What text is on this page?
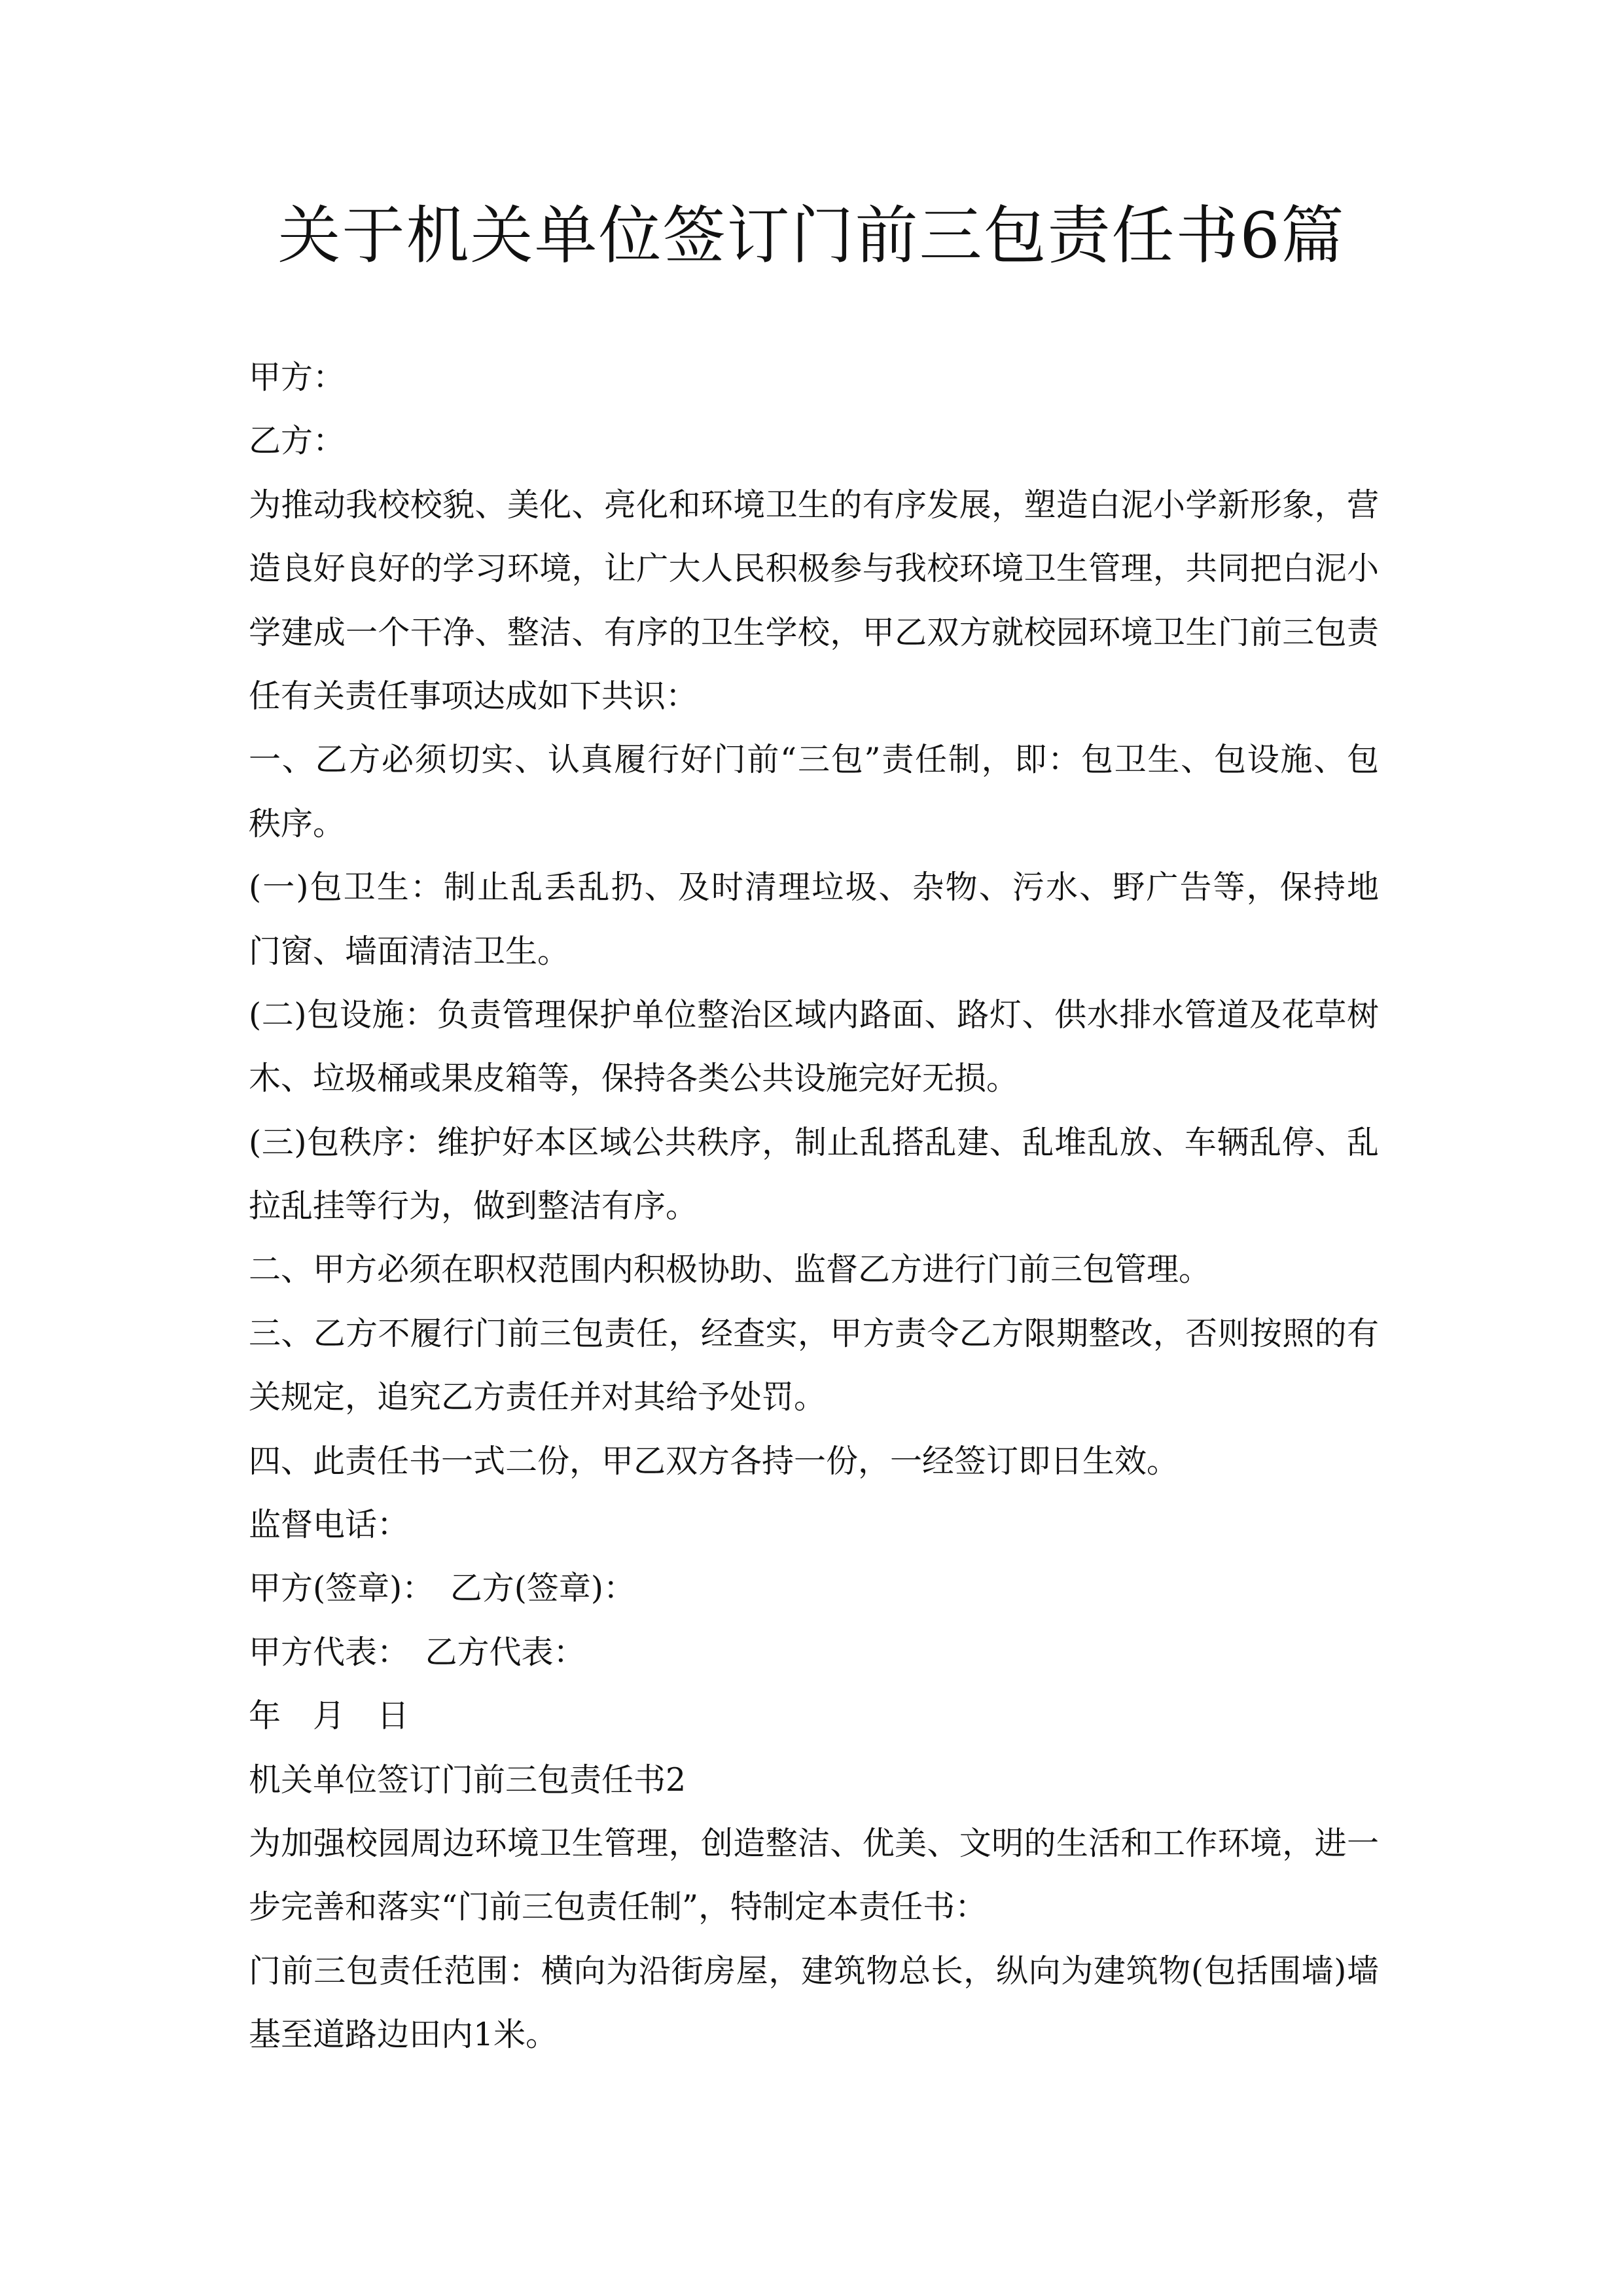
关于机关单位签订门前三包责任书6篇
甲方：
乙方：
为推动我校校貌、美化、亮化和环境卫生的有序发展，塑造白泥小学新形象，营
造良好良好的学习环境，让广大人民积极参与我校环境卫生管理，共同把白泥小
学建成一个干净、整洁、有序的卫生学校，甲乙双方就校园环境卫生门前三包责
任有关责任事项达成如下共识：
一、乙方必须切实、认真履行好门前“三包”责任制，即：包卫生、包设施、包
秩序。
(一)包卫生：制止乱丢乱扔、及时清理垃圾、杂物、污水、野广告等，保持地
门窗、墙面清洁卫生。
(二)包设施：负责管理保护单位整治区域内路面、路灯、供水排水管道及花草树
木、垃圾桶或果皮箱等，保持各类公共设施完好无损。
(三)包秩序：维护好本区域公共秩序，制止乱搭乱建、乱堆乱放、车辆乱停、乱
拉乱挂等行为，做到整洁有序。
二、甲方必须在职权范围内积极协助、监督乙方进行门前三包管理。
三、乙方不履行门前三包责任，经查实，甲方责令乙方限期整改，否则按照的有
关规定，追究乙方责任并对其给予处罚。
四、此责任书一式二份，甲乙双方各持一份，一经签订即日生效。
监督电话：
甲方(签章)：　乙方(签章)：
甲方代表：　乙方代表：
年　月　日
机关单位签订门前三包责任书2
为加强校园周边环境卫生管理，创造整洁、优美、文明的生活和工作环境，进一
步完善和落实“门前三包责任制”，特制定本责任书：
门前三包责任范围：横向为沿街房屋，建筑物总长，纵向为建筑物(包括围墙)墙
基至道路边田内1米。
